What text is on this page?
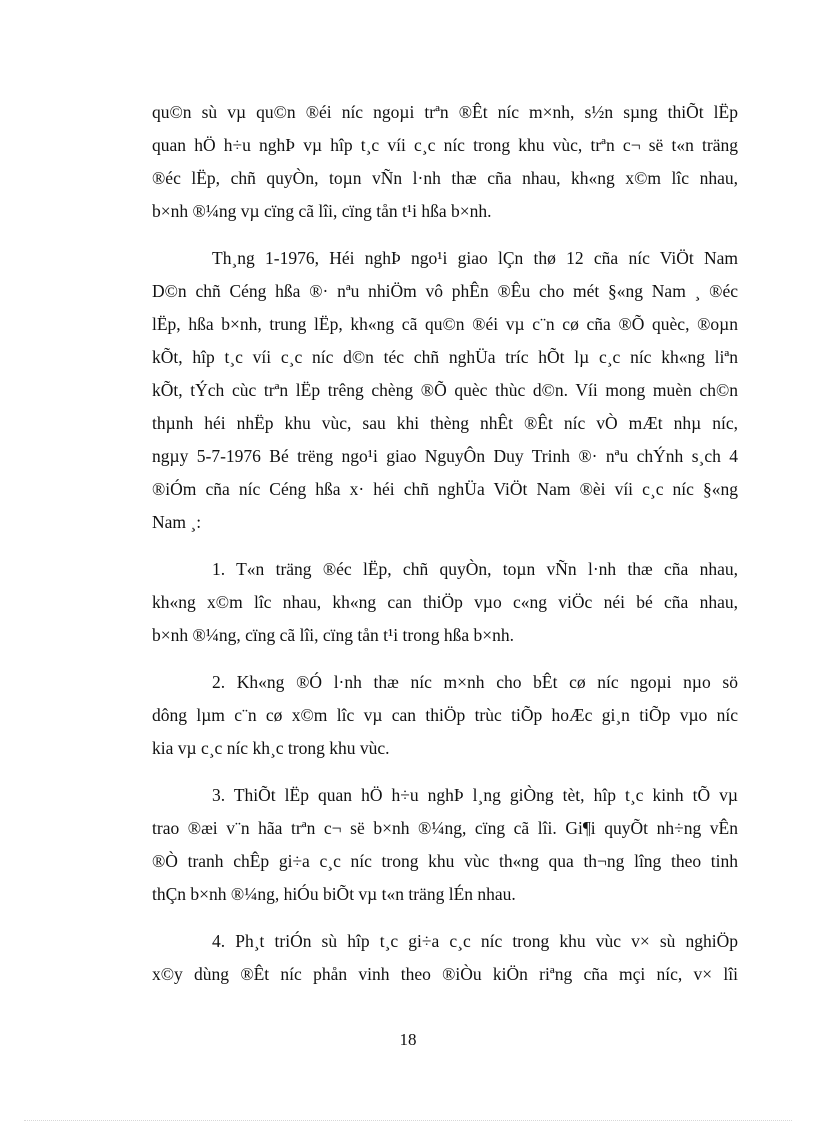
qu©n sù vµ qu©n ®éi níc ngoµi trªn ®Êt níc m×nh, s½n sµng thiÕt lËp
quan hÖ h÷u nghÞ vµ hîp t¸c víi c¸c níc trong khu vùc, trªn c¬ së t«n träng
®éc lËp, chñ quyÒn, toµn vÑn l·nh thæ cña nhau, kh«ng x©m lîc nhau,
b×nh ®¼ng vµ cïng cã lîi, cïng tån t¹i hßa b×nh.
Th¸ng 1-1976, Héi nghÞ ngo¹i giao lÇn thø 12 cña níc ViÖt Nam
D©n chñ Céng hßa ®· nªu nhiÖm vô phÊn ®Êu cho mét §«ng Nam ¸ ®éc
lËp, hßa b×nh, trung lËp, kh«ng cã qu©n ®éi vµ c¨n cø cña ®Õ quèc, ®oµn
kÕt, hîp t¸c víi c¸c níc d©n téc chñ nghÜa tríc hÕt lµ c¸c níc kh«ng liªn
kÕt, tÝch cùc trªn lËp trêng chèng ®Õ quèc thùc d©n. Víi mong muèn ch©n
thµnh héi nhËp khu vùc, sau khi thèng nhÊt ®Êt níc vÒ mÆt nhµ níc,
ngµy 5-7-1976 Bé trëng ngo¹i giao NguyÔn Duy Trinh ®· nªu chÝnh s¸ch 4
®iÓm cña níc Céng hßa x· héi chñ nghÜa ViÖt Nam ®èi víi c¸c níc §«ng
Nam ¸:
1. T«n träng ®éc lËp, chñ quyÒn, toµn vÑn l·nh thæ cña nhau,
kh«ng x©m lîc nhau, kh«ng can thiÖp vµo c«ng viÖc néi bé cña nhau,
b×nh ®¼ng, cïng cã lîi, cïng tån t¹i trong hßa b×nh.
2. Kh«ng ®Ó l·nh thæ níc m×nh cho bÊt cø níc ngoµi nµo sö
dông lµm c¨n cø x©m lîc vµ can thiÖp trùc tiÕp hoÆc gi¸n tiÕp vµo níc
kia vµ c¸c níc kh¸c trong khu vùc.
3. ThiÕt lËp quan hÖ h÷u nghÞ l¸ng giÒng tèt, hîp t¸c kinh tÕ vµ
trao ®æi v¨n hãa trªn c¬ së b×nh ®¼ng, cïng cã lîi. Gi¶i quyÕt nh÷ng vÊn
®Ò tranh chÊp gi÷a c¸c níc trong khu vùc th«ng qua th¬ng lîng theo tinh
thÇn b×nh ®¼ng, hiÓu biÕt vµ t«n träng lÉn nhau.
4. Ph¸t triÓn sù hîp t¸c gi÷a c¸c níc trong khu vùc v× sù nghiÖp
x©y dùng ®Êt níc phån vinh theo ®iÒu kiÖn riªng cña mçi níc, v× lîi
18
